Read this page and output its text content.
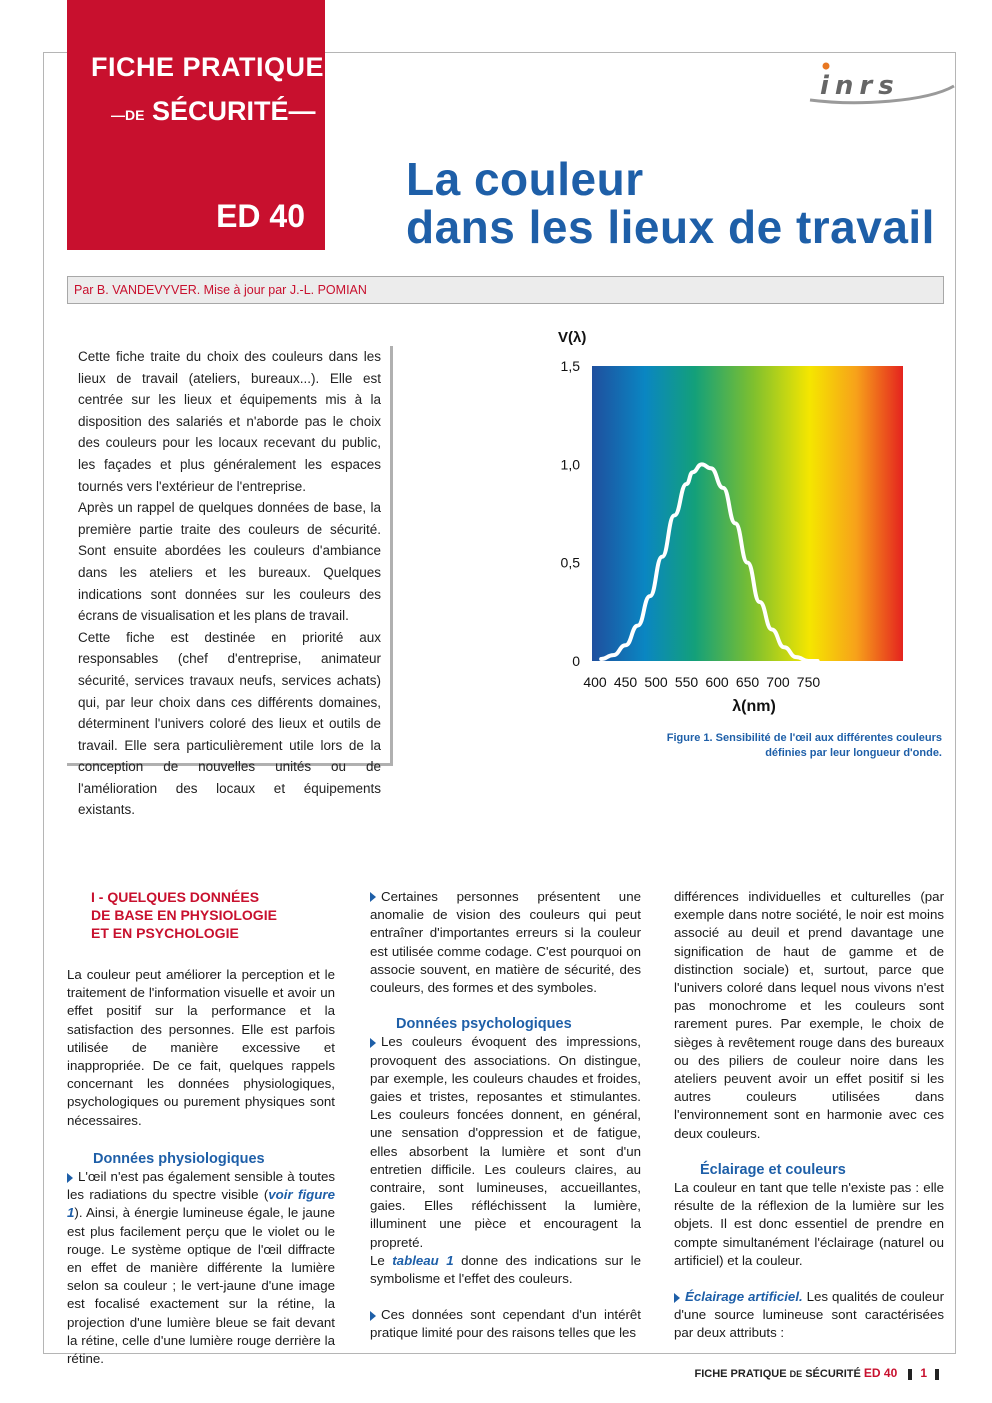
FICHE PRATIQUE
—DE SÉCURITÉ—
ED 40
inrs
La couleur
dans les lieux de travail
Par B. VANDEVYVER. Mise à jour par J.-L. POMIAN

Cette fiche traite du choix des couleurs dans les lieux de travail (ateliers, bureaux...). Elle est centrée sur les lieux et équipements mis à la disposition des salariés et n'aborde pas le choix des couleurs pour les locaux recevant du public, les façades et plus généralement les espaces tournés vers l'extérieur de l'entreprise.
Après un rappel de quelques données de base, la première partie traite des couleurs de sécurité. Sont ensuite abordées les couleurs d'ambiance dans les ateliers et les bureaux. Quelques indications sont données sur les couleurs des écrans de visualisation et les plans de travail.
Cette fiche est destinée en priorité aux responsables (chef d'entreprise, animateur sécurité, services travaux neufs, services achats) qui, par leur choix dans ces différents domaines, déterminent l'univers coloré des lieux et outils de travail. Elle sera particulièrement utile lors de la conception de nouvelles unités ou de l'amélioration des locaux et équipements existants.

V(λ)
400 450 500 550 600 650 700 750
0
0,5
1,0
1,5
λ(nm)
Figure 1. Sensibilité de l'œil aux différentes couleurs définies par leur longueur d'onde.
I - QUELQUES DONNÉES
DE BASE EN PHYSIOLOGIE
ET EN PSYCHOLOGIE

La couleur peut améliorer la perception et le traitement de l'information visuelle et avoir un effet positif sur la performance et la satisfaction des personnes. Elle est parfois utilisée de manière excessive et inappropriée. De ce fait, quelques rappels concernant les données physiologiques, psychologiques ou purement physiques sont nécessaires.

Données physiologiques

L'œil n'est pas également sensible à toutes les radiations du spectre visible (voir figure 1). Ainsi, à énergie lumineuse égale, le jaune est plus facilement perçu que le violet ou le rouge. Le système optique de l'œil diffracte en effet de manière différente la lumière selon sa couleur ; le vert-jaune d'une image est focalisé exactement sur la rétine, la projection d'une lumière bleue se fait devant la rétine, celle d'une lumière rouge derrière la rétine.

Certaines personnes présentent une anomalie de vision des couleurs qui peut entraîner d'importantes erreurs si la couleur est utilisée comme codage. C'est pourquoi on associe souvent, en matière de sécurité, des couleurs, des formes et des symboles.

Données psychologiques

Les couleurs évoquent des impressions, provoquent des associations. On distingue, par exemple, les couleurs chaudes et froides, gaies et tristes, reposantes et stimulantes. Les couleurs foncées donnent, en général, une sensation d'oppression et de fatigue, elles absorbent la lumière et sont d'un entretien difficile. Les couleurs claires, au contraire, sont lumineuses, accueillantes, gaies. Elles réfléchissent la lumière, illuminent une pièce et encouragent la propreté.

Le tableau 1 donne des indications sur le symbolisme et l'effet des couleurs.

Ces données sont cependant d'un intérêt pratique limité pour des raisons telles que les

différences individuelles et culturelles (par exemple dans notre société, le noir est moins associé au deuil et prend davantage une signification de haut de gamme et de distinction sociale) et, surtout, parce que l'univers coloré dans lequel nous vivons n'est pas monochrome et les couleurs sont rarement pures. Par exemple, le choix de sièges à revêtement rouge dans des bureaux ou des piliers de couleur noire dans les ateliers peuvent avoir un effet positif si les autres couleurs utilisées dans l'environnement sont en harmonie avec ces deux couleurs.

Éclairage et couleurs

La couleur en tant que telle n'existe pas : elle résulte de la réflexion de la lumière sur les objets. Il est donc essentiel de prendre en compte simultanément l'éclairage (naturel ou artificiel) et la couleur.

Éclairage artificiel. Les qualités de couleur d'une source lumineuse sont caractérisées par deux attributs :

FICHE PRATIQUE DE SÉCURITÉ ED 40 1
